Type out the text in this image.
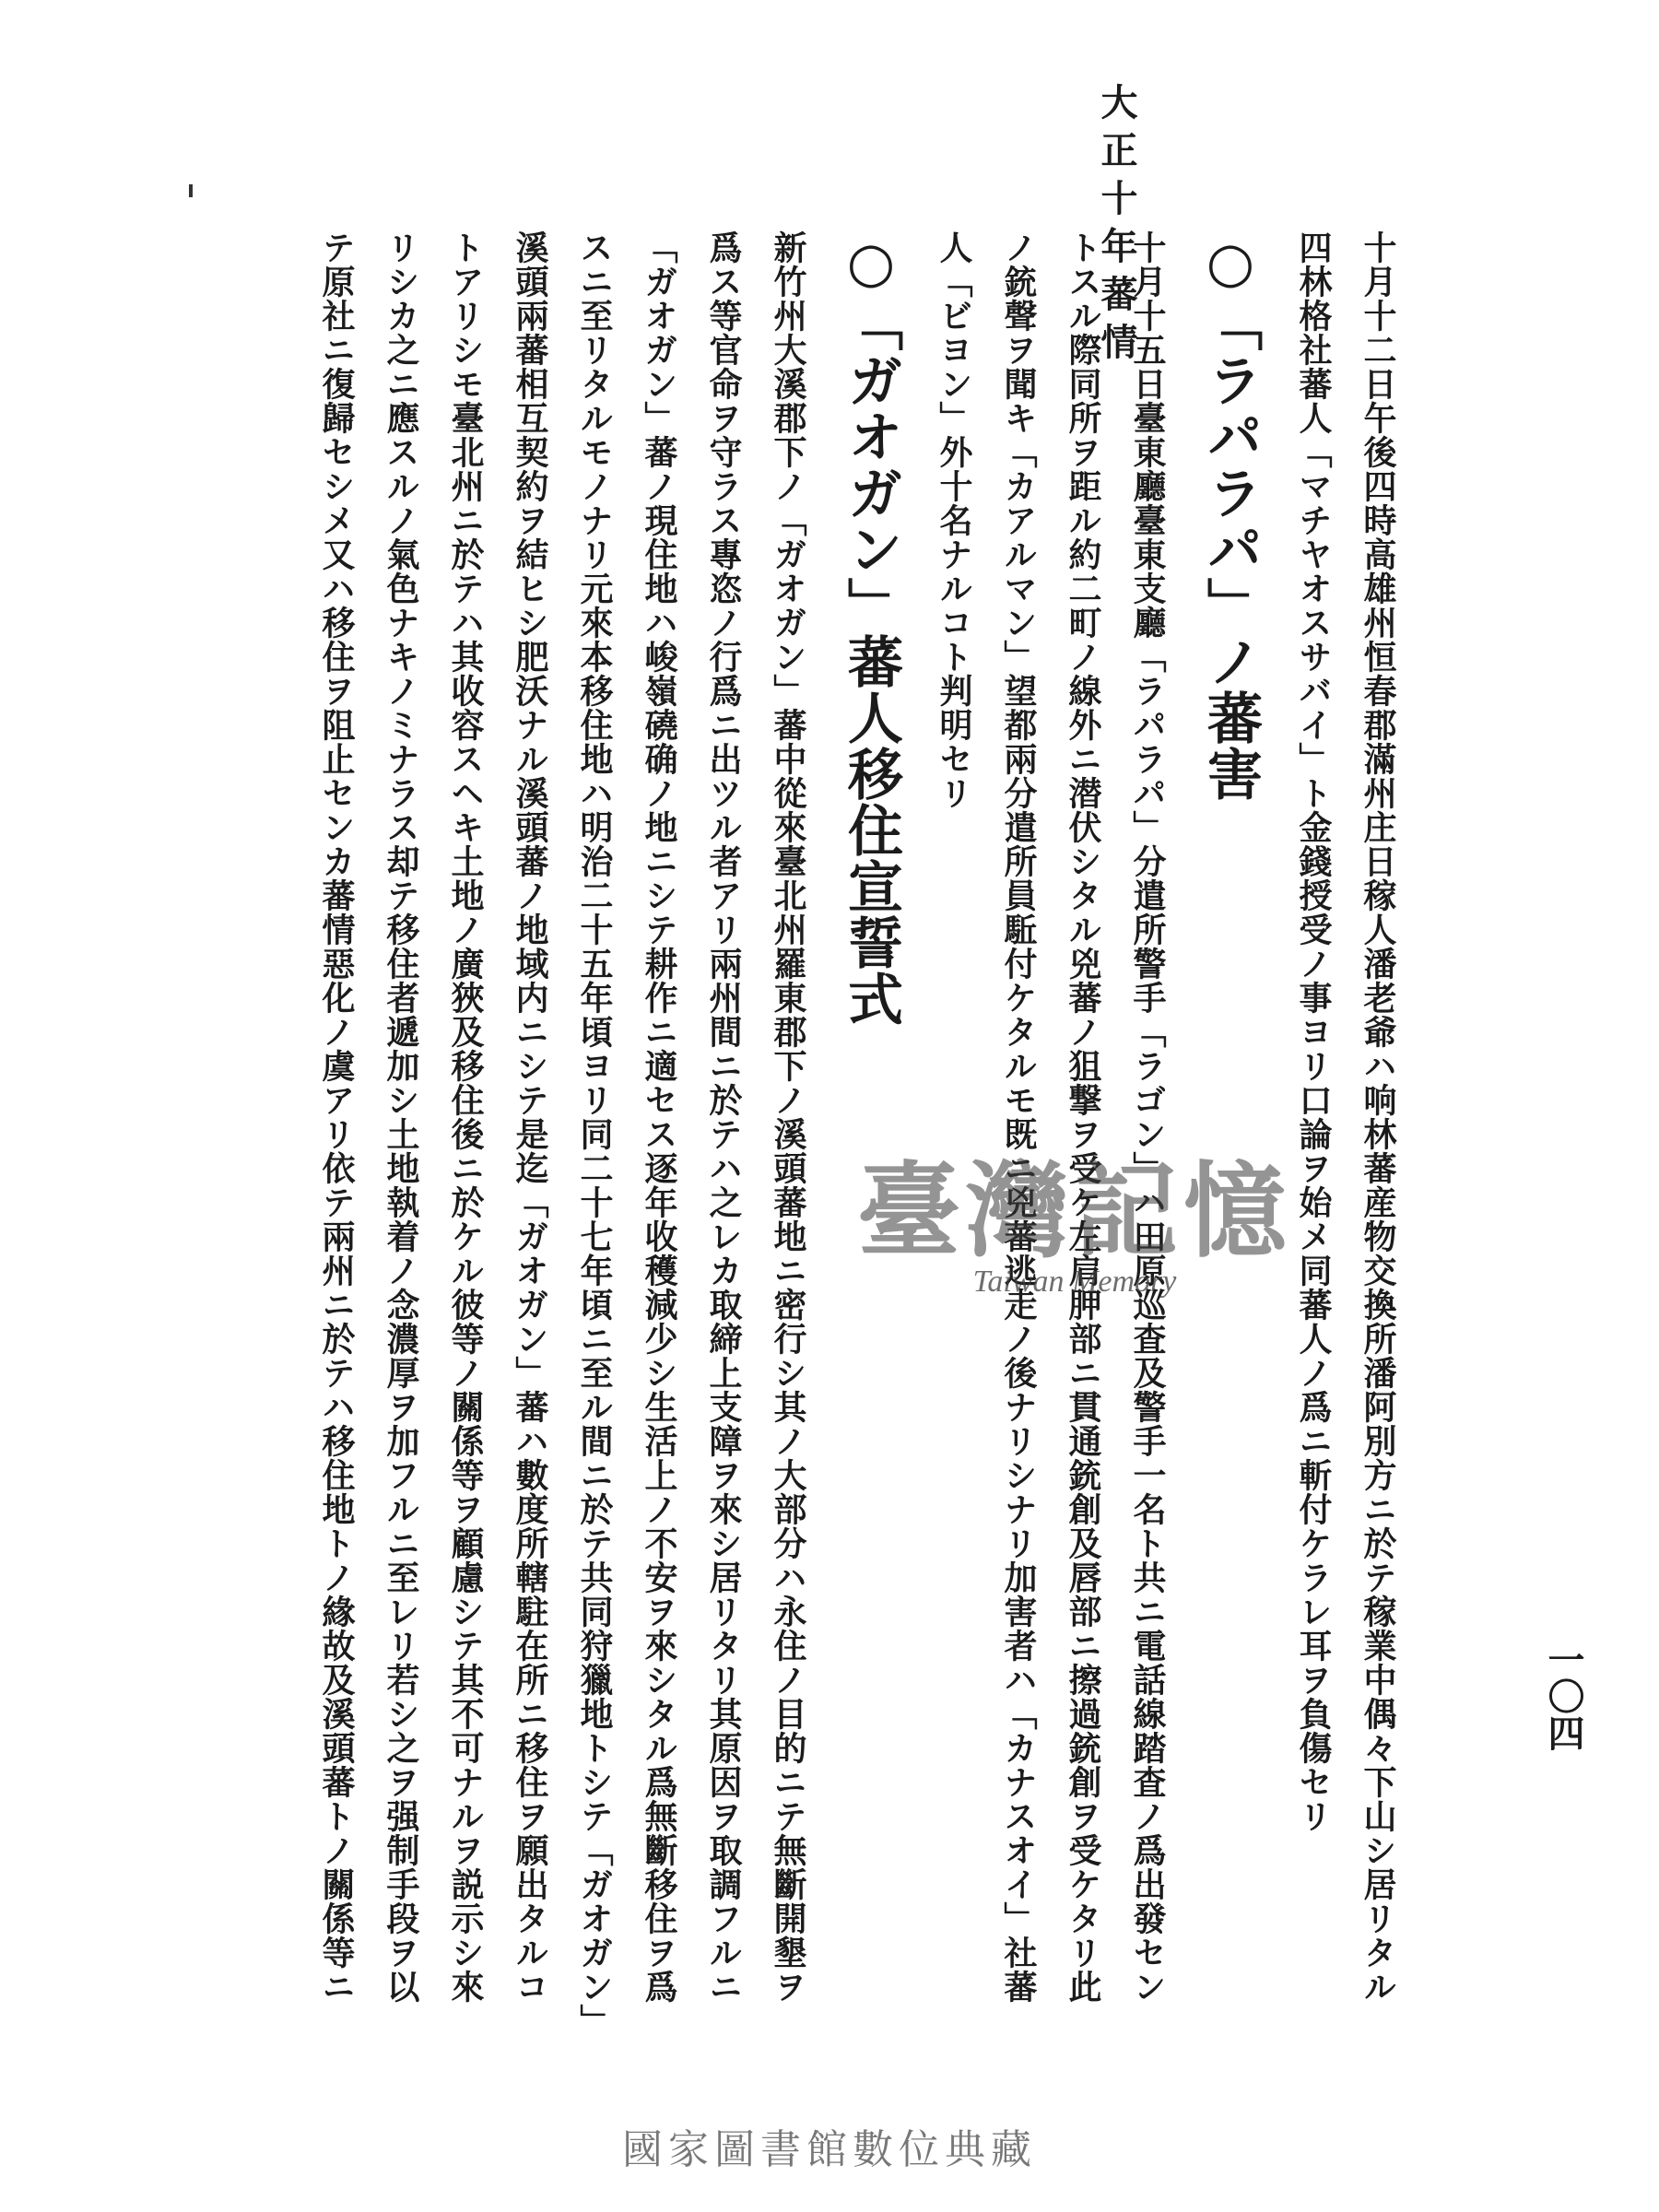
大正十年蕃情
一〇四
十月十二日午後四時高雄州恒春郡滿州庄日稼人潘老爺ハ响林蕃産物交換所潘阿別方ニ於テ稼業中偶々下山シ居リタル
四林格社蕃人「マチヤオスサバイ」ト金錢授受ノ事ヨリ口論ヲ始メ同蕃人ノ爲ニ斬付ケラレ耳ヲ負傷セリ
○「ラパラパ」ノ蕃害
十月十五日臺東廳臺東支廳「ラパラパ」分遣所警手「ラゴン」ハ田原巡査及警手一名ト共ニ電話線踏査ノ爲出發セン
トスル際同所ヲ距ル約二町ノ線外ニ潜伏シタル兇蕃ノ狙撃ヲ受ケ左肩胛部ニ貫通銃創及唇部ニ擦過銃創ヲ受ケタリ此
ノ銃聲ヲ聞キ「カアルマン」望都兩分遣所員駈付ケタルモ既ニ兇蕃逃走ノ後ナリシナリ加害者ハ「カナスオイ」社蕃
人「ビヨン」外十名ナルコト判明セリ
○「ガオガン」蕃人移住宣誓式
新竹州大溪郡下ノ「ガオガン」蕃中從來臺北州羅東郡下ノ溪頭蕃地ニ密行シ其ノ大部分ハ永住ノ目的ニテ無斷開墾ヲ
爲ス等官命ヲ守ラス專恣ノ行爲ニ出ツル者アリ兩州間ニ於テハ之レカ取締上支障ヲ來シ居リタリ其原因ヲ取調フルニ
「ガオガン」蕃ノ現住地ハ峻嶺磽确ノ地ニシテ耕作ニ適セス逐年收穫減少シ生活上ノ不安ヲ來シタル爲無斷移住ヲ爲
スニ至リタルモノナリ元來本移住地ハ明治二十五年頃ヨリ同二十七年頃ニ至ル間ニ於テ共同狩獵地トシテ「ガオガン」
溪頭兩蕃相互契約ヲ結ヒシ肥沃ナル溪頭蕃ノ地域内ニシテ是迄「ガオガン」蕃ハ數度所轄駐在所ニ移住ヲ願出タルコ
トアリシモ臺北州ニ於テハ其收容スヘキ土地ノ廣狹及移住後ニ於ケル彼等ノ關係等ヲ顧慮シテ其不可ナルヲ説示シ來
リシカ之ニ應スルノ氣色ナキノミナラス却テ移住者遞加シ土地執着ノ念濃厚ヲ加フルニ至レリ若シ之ヲ强制手段ヲ以
テ原社ニ復歸セシメ又ハ移住ヲ阻止センカ蕃情惡化ノ虞アリ依テ兩州ニ於テハ移住地トノ緣故及溪頭蕃トノ關係等ニ	臺灣記憶
Taiwan Memory
國家圖書館數位典藏
